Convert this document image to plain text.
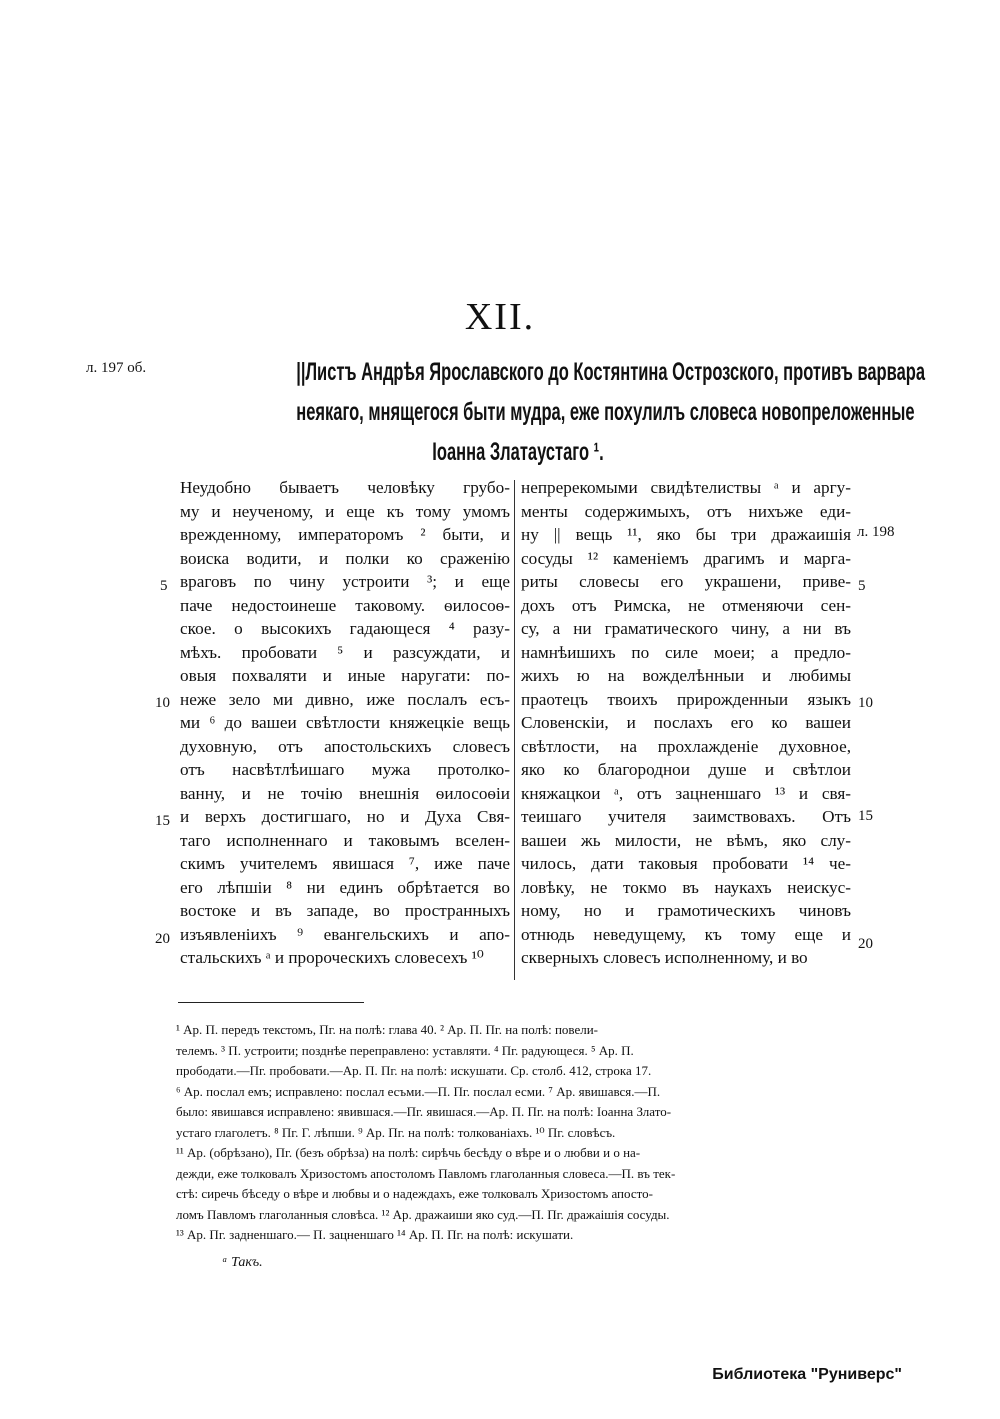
XII.
л. 197 об.	||Листъ Андрѣя Ярославского до Костянтина Острозского, противъ варвара
неякаго, мнящегося быти мудра, еже похулилъ словеса новопреложенные
Іоанна Златаустаго ¹.
Неудобно бываетъ человѣку грубо-
му и неученому, и еще къ тому умомъ
врежденному, императоромъ ² быти, и
воиска водити, и полки ко сраженію
враговъ по чину устроити ³; и еще
паче недостоинеше таковому. ѳилосоѳ-
ское. о высокихъ гадающеся ⁴ разу-
мѣхъ. пробовати ⁵ и разсуждати, и
овыя похваляти и иные наругати: по-
неже зело ми дивно, иже послалъ есъ-
ми ⁶ до вашеи свѣтлости княжецкіе вещь
духовную, отъ апостольскихъ словесъ
отъ насвѣтлѣишаго мужа протолко-
ванну, и не точію внешнія ѳилосоѳіи
и верхъ достигшаго, но и Духа Свя-
таго исполненнаго и таковымъ вселен-
скимъ учителемъ явишася ⁷, иже паче
его лѣпшіи ⁸ ни единъ обрѣтается во
востоке и въ западе, во пространныхъ
изъявленіихъ ⁹ евангельскихъ и апо-
стальскихъ ᵃ и пророческихъ словесехъ ¹⁰
непререкомыми свидѣтелиствы ᵃ и аргу-
менты содержимыхъ, отъ нихъже еди-
ну || вещь ¹¹, яко бы три дражаишія
сосуды ¹² каменіемъ драгимъ и марга-
риты словесы его украшени, приве-
дохъ отъ Римска, не отменяючи сен-
су, а ни граматического чину, а ни въ
намнѣишихъ по силе моеи; а предло-
жихъ ю на вожделѣнныи и любимы
праотецъ твоихъ прирожденныи языкъ
Словенскіи, и послахъ его ко вашеи
свѣтлости, на прохлажденіе духовное,
яко ко благороднои душе и свѣтлои
княжацкои ᵃ, отъ зацненшаго ¹³ и свя-
теишаго учителя заимствовахъ. Отъ
вашеи жь милости, не вѣмъ, яко слу-
чилось, дати таковыя пробовати ¹⁴ че-
ловѣку, не токмо въ наукахъ неискус-
ному, но и грамотическихъ чиновъ
отнюдь неведущему, къ тому еще и
скверныхъ словесъ исполненному, и во
л. 198
5
10
15
20
5
10
15
20
¹ Ар. П. передъ текстомъ, Пг. на полѣ: глава 40. ² Ар. П. Пг. на полѣ: повели-
телемъ. ³ П. устроити; позднѣе переправлено: уставляти. ⁴ Пг. радующеся. ⁵ Ар. П.
прободати.—Пг. пробовати.—Ар. П. Пг. на полѣ: искушати. Ср. столб. 412, строка 17.
⁶ Ар. послал емъ; исправлено: послал есъми.—П. Пг. послал есми. ⁷ Ар. явишався.—П.
было: явишався исправлено: явившася.—Пг. явишася.—Ар. П. Пг. на полѣ: Іоанна Злато-
устаго глаголетъ. ⁸ Пг. Г. лѣпши. ⁹ Ар. Пг. на полѣ: толкованіахъ. ¹⁰ Пг. словѣсъ.
¹¹ Ар. (обрѣзано), Пг. (безъ обрѣза) на полѣ: сирѣчь бесѣду о вѣре и о любви и о на-
дежди, еже толковалъ Хризостомъ апостоломъ Павломъ глаголанныя словеса.—П. въ тек-
стѣ: сиречь бѣседу о вѣре и любвы и о надеждахъ, еже толковалъ Хризостомъ апосто-
ломъ Павломъ глаголанныя словѣса. ¹² Ар. дражаиши яко суд.—П. Пг. дражаішія сосуды.
¹³ Ар. Пг. задненшаго.— П. зацненшаго ¹⁴ Ар. П. Пг. на полѣ: искушати.
ᵃ Такъ.
Библиотека "Руниверс"
